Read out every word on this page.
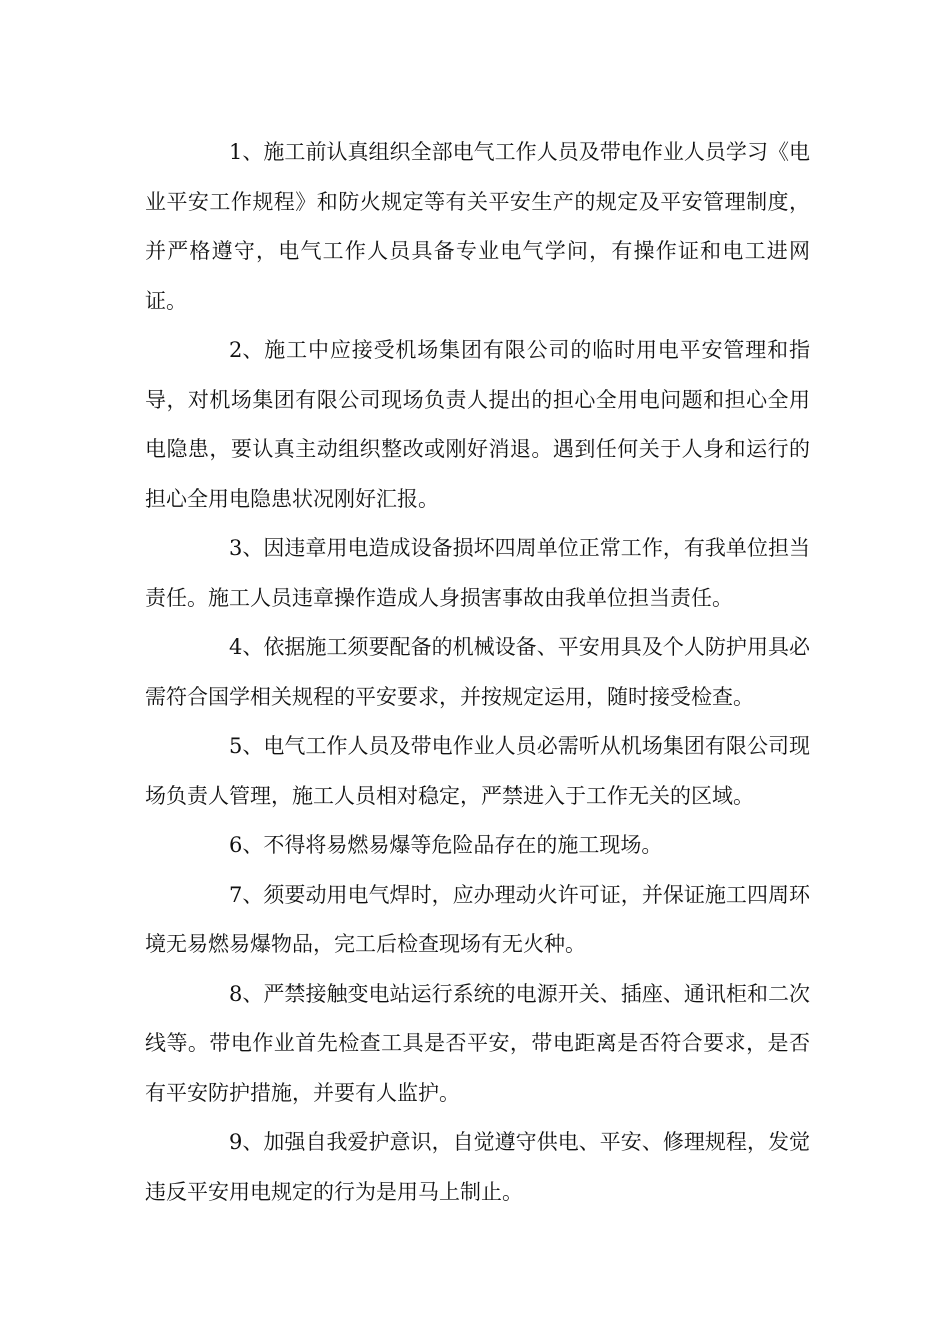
1、施工前认真组织全部电气工作人员及带电作业人员学习《电业平安工作规程》和防火规定等有关平安生产的规定及平安管理制度，并严格遵守，电气工作人员具备专业电气学问，有操作证和电工进网证。

2、施工中应接受机场集团有限公司的临时用电平安管理和指导，对机场集团有限公司现场负责人提出的担心全用电问题和担心全用电隐患，要认真主动组织整改或刚好消退。遇到任何关于人身和运行的担心全用电隐患状况刚好汇报。

3、因违章用电造成设备损坏四周单位正常工作，有我单位担当责任。施工人员违章操作造成人身损害事故由我单位担当责任。

4、依据施工须要配备的机械设备、平安用具及个人防护用具必需符合国学相关规程的平安要求，并按规定运用，随时接受检查。

5、电气工作人员及带电作业人员必需听从机场集团有限公司现场负责人管理，施工人员相对稳定，严禁进入于工作无关的区域。

6、不得将易燃易爆等危险品存在的施工现场。

7、须要动用电气焊时，应办理动火许可证，并保证施工四周环境无易燃易爆物品，完工后检查现场有无火种。

8、严禁接触变电站运行系统的电源开关、插座、通讯柜和二次线等。带电作业首先检查工具是否平安，带电距离是否符合要求，是否有平安防护措施，并要有人监护。

9、加强自我爱护意识，自觉遵守供电、平安、修理规程，发觉违反平安用电规定的行为是用马上制止。
